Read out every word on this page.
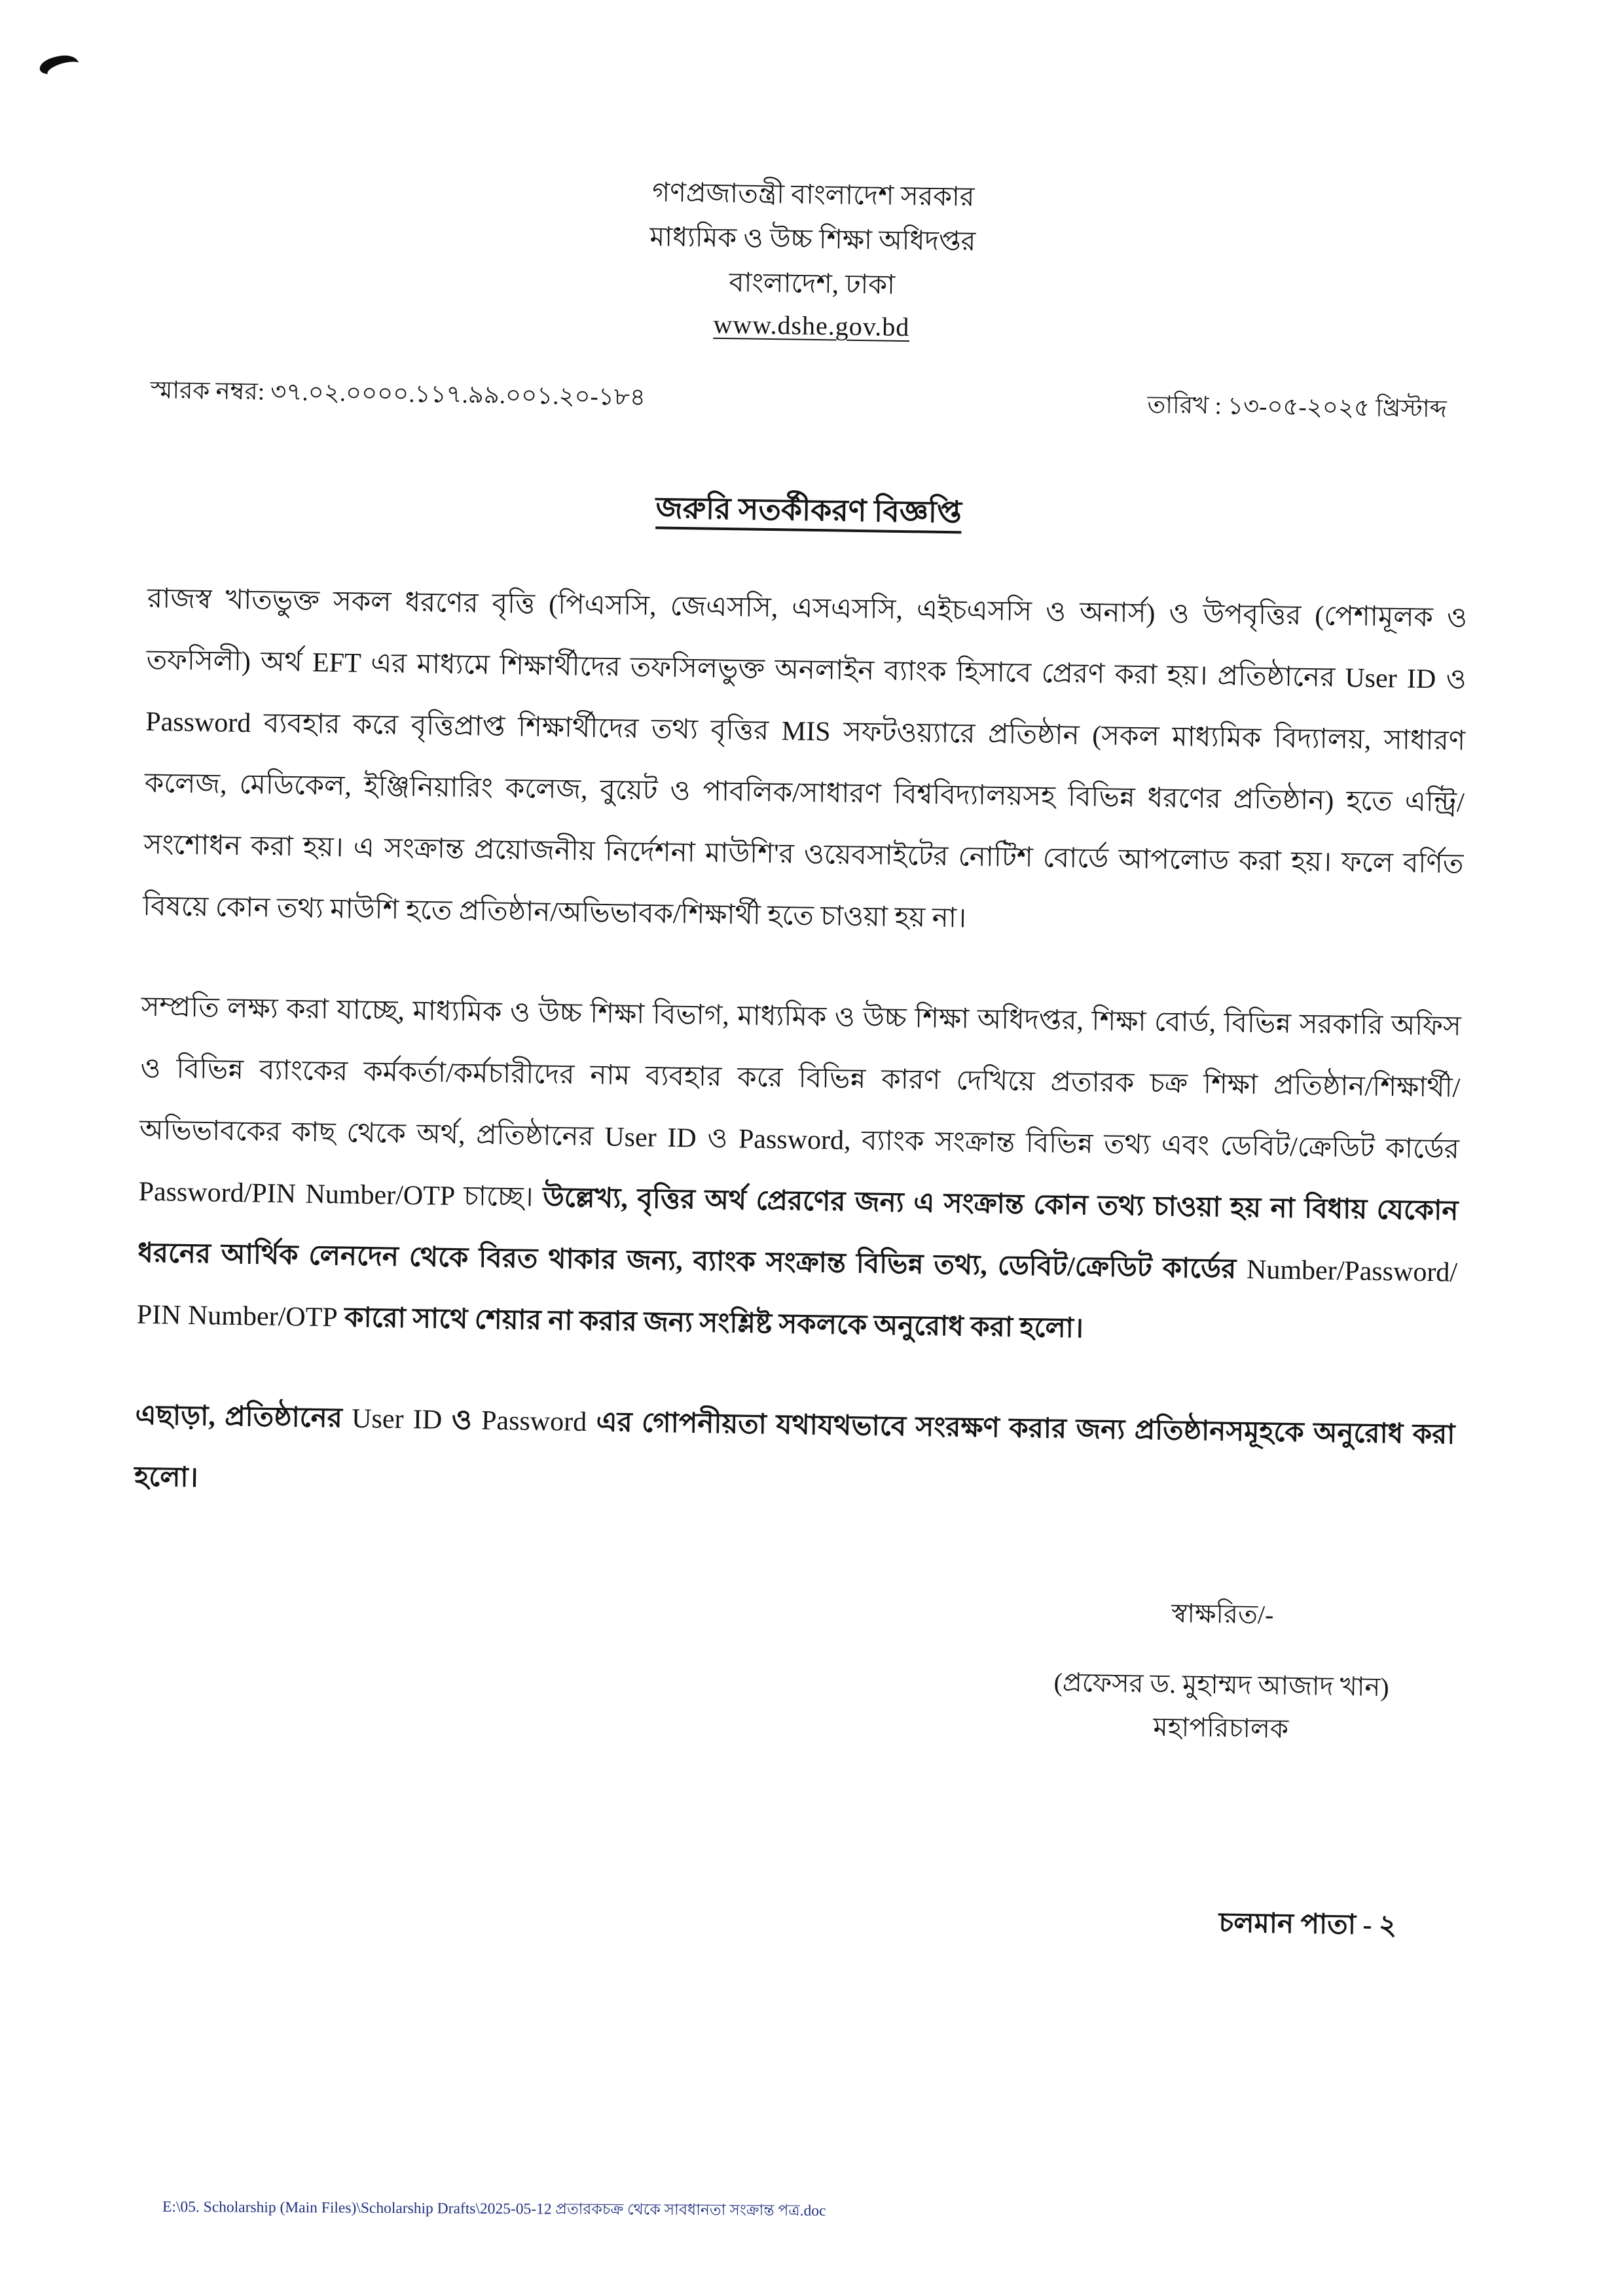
গণপ্রজাতন্ত্রী বাংলাদেশ সরকার
মাধ্যমিক ও উচ্চ শিক্ষা অধিদপ্তর
বাংলাদেশ, ঢাকা
www.dshe.gov.bd
স্মারক নম্বর: ৩৭.০২.০০০০.১১৭.৯৯.০০১.২০-১৮৪	তারিখ : ১৩-০৫-২০২৫ খ্রিস্টাব্দ
জরুরি সতর্কীকরণ বিজ্ঞপ্তি

রাজস্ব খাতভুক্ত সকল ধরণের বৃত্তি (পিএসসি, জেএসসি, এসএসসি, এইচএসসি ও অনার্স) ও উপবৃত্তির (পেশামূলক ও তফসিলী) অর্থ EFT এর মাধ্যমে শিক্ষার্থীদের তফসিলভুক্ত অনলাইন ব্যাংক হিসাবে প্রেরণ করা হয়। প্রতিষ্ঠানের User ID ও Password ব্যবহার করে বৃত্তিপ্রাপ্ত শিক্ষার্থীদের তথ্য বৃত্তির MIS সফটওয়্যারে প্রতিষ্ঠান (সকল মাধ্যমিক বিদ্যালয়, সাধারণ কলেজ, মেডিকেল, ইঞ্জিনিয়ারিং কলেজ, বুয়েট ও পাবলিক/সাধারণ বিশ্ববিদ্যালয়সহ বিভিন্ন ধরণের প্রতিষ্ঠান) হতে এন্ট্রি/সংশোধন করা হয়। এ সংক্রান্ত প্রয়োজনীয় নির্দেশনা মাউশি'র ওয়েবসাইটের নোটিশ বোর্ডে আপলোড করা হয়। ফলে বর্ণিত বিষয়ে কোন তথ্য মাউশি হতে প্রতিষ্ঠান/অভিভাবক/শিক্ষার্থী হতে চাওয়া হয় না।

সম্প্রতি লক্ষ্য করা যাচ্ছে, মাধ্যমিক ও উচ্চ শিক্ষা বিভাগ, মাধ্যমিক ও উচ্চ শিক্ষা অধিদপ্তর, শিক্ষা বোর্ড, বিভিন্ন সরকারি অফিস ও বিভিন্ন ব্যাংকের কর্মকর্তা/কর্মচারীদের নাম ব্যবহার করে বিভিন্ন কারণ দেখিয়ে প্রতারক চক্র শিক্ষা প্রতিষ্ঠান/শিক্ষার্থী/ অভিভাবকের কাছ থেকে অর্থ, প্রতিষ্ঠানের User ID ও Password, ব্যাংক সংক্রান্ত বিভিন্ন তথ্য এবং ডেবিট/ক্রেডিট কার্ডের Password/PIN Number/OTP চাচ্ছে। উল্লেখ্য, বৃত্তির অর্থ প্রেরণের জন্য এ সংক্রান্ত কোন তথ্য চাওয়া হয় না বিধায় যেকোন ধরনের আর্থিক লেনদেন থেকে বিরত থাকার জন্য, ব্যাংক সংক্রান্ত বিভিন্ন তথ্য, ডেবিট/ক্রেডিট কার্ডের Number/Password/ PIN Number/OTP কারো সাথে শেয়ার না করার জন্য সংশ্লিষ্ট সকলকে অনুরোধ করা হলো।

এছাড়া, প্রতিষ্ঠানের User ID ও Password এর গোপনীয়তা যথাযথভাবে সংরক্ষণ করার জন্য প্রতিষ্ঠানসমূহকে অনুরোধ করা হলো।

স্বাক্ষরিত/-
(প্রফেসর ড. মুহাম্মদ আজাদ খান)
মহাপরিচালক
চলমান পাতা - ২
E:\05. Scholarship (Main Files)\Scholarship Drafts\2025-05-12 প্রতারকচক্র থেকে সাবধানতা সংক্রান্ত পত্র.doc
